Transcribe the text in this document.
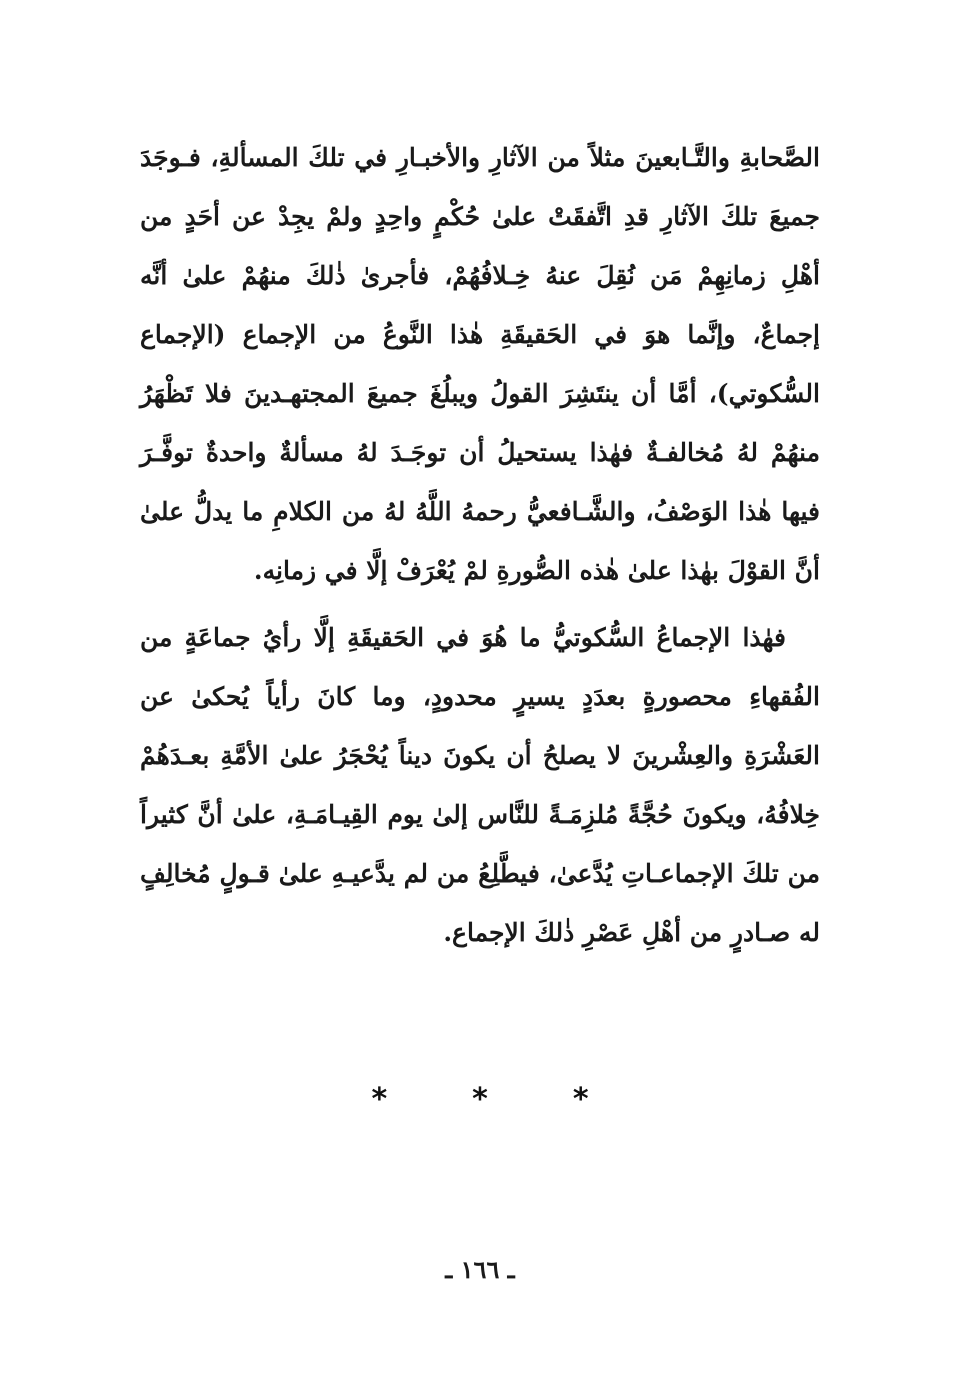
الصَّحابةِ والتَّـابعينَ مثلاً من الآثارِ والأخبـارِ في تلكَ المسألةِ، فـوجَدَ جميعَ تلكَ الآثارِ قدِ اتَّفقَتْ علىٰ حُكْمٍ واحِدٍ ولمْ يجِدْ عن أحَدٍ من أهْلِ زمانِهِمْ مَن نُقِلَ عنهُ خِـلافُهُمْ، فأجرىٰ ذٰلكَ منهُمْ علىٰ أنَّه إجماعٌ، وإنَّما هوَ في الحَقيقَةِ هٰذا النَّوعُ من الإجماع (الإجماع السُّكوتي)، أمَّا أن ينتَشِرَ القولُ ويبلُغَ جميعَ المجتهـدينَ فلا تَظْهَرُ منهُمْ لهُ مُخالفـةٌ فهٰذا يستحيلُ أن توجَـدَ لهُ مسألةٌ واحدةٌ توفَّـرَ فيها هٰذا الوَصْفُ، والشَّـافعيُّ رحمهُ اللَّهُ لهُ من الكلامِ ما يدلُّ علىٰ أنَّ القوْلَ بهٰذا علىٰ هٰذه الصُّورةِ لمْ يُعْرَفْ إلَّا في زمانِه.

فهٰذا الإجماعُ السُّكوتيُّ ما هُوَ في الحَقيقَةِ إلَّا رأيُ جماعَةٍ من الفُقهاءِ محصورةٍ بعدَدٍ يسيرٍ محدودٍ، وما كانَ رأياً يُحكىٰ عن العَشْرَةِ والعِشْرينَ لا يصلحُ أن يكونَ ديناً يُحْجَرُ علىٰ الأمَّةِ بعـدَهُمْ خِلافُهُ، ويكونَ حُجَّةً مُلزِمَـةً للنَّاس إلىٰ يوم القِيـامَـةِ، علىٰ أنَّ كثيراً من تلكَ الإجماعـاتِ يُدَّعىٰ، فيطَّلِعُ من لم يدَّعيـهِ علىٰ قـولٍ مُخالِفٍ له صـادرٍ من أهْلِ عَصْرِ ذٰلكَ الإجماع.

*
*
*
ـ ١٦٦ ـ
